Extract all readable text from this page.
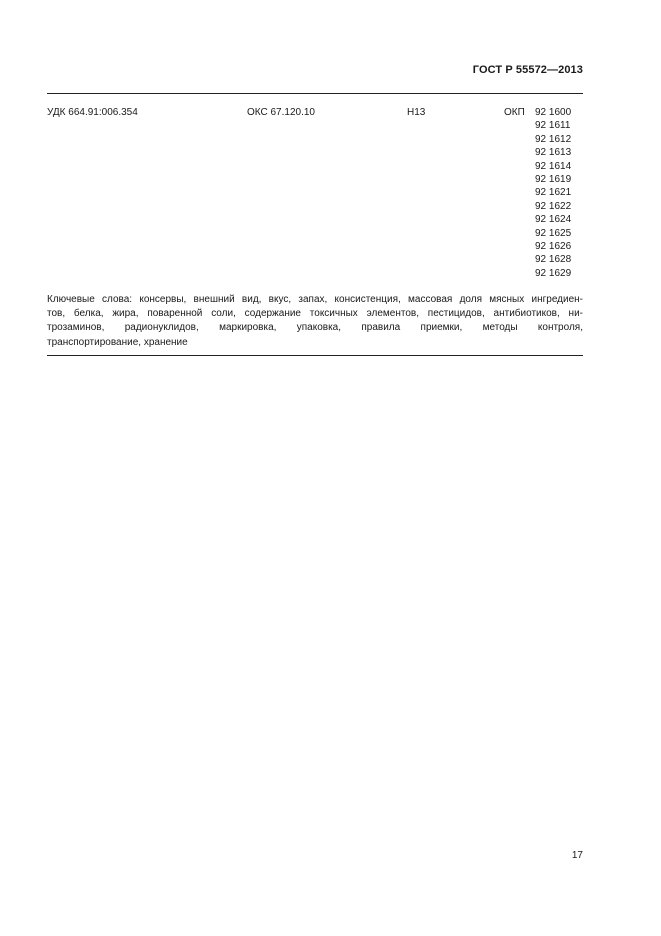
ГОСТ Р 55572—2013
УДК 664.91:006.354	ОКС 67.120.10	Н13	ОКП 92 1600
92 1611
92 1612
92 1613
92 1614
92 1619
92 1621
92 1622
92 1624
92 1625
92 1626
92 1628
92 1629
Ключевые слова: консервы, внешний вид, вкус, запах, консистенция, массовая доля мясных ингредиен-
тов, белка, жира, поваренной соли, содержание токсичных элементов, пестицидов, антибиотиков, ни-
трозаминов, радионуклидов, маркировка, упаковка, правила приемки, методы контроля,
транспортирование, хранение
17
